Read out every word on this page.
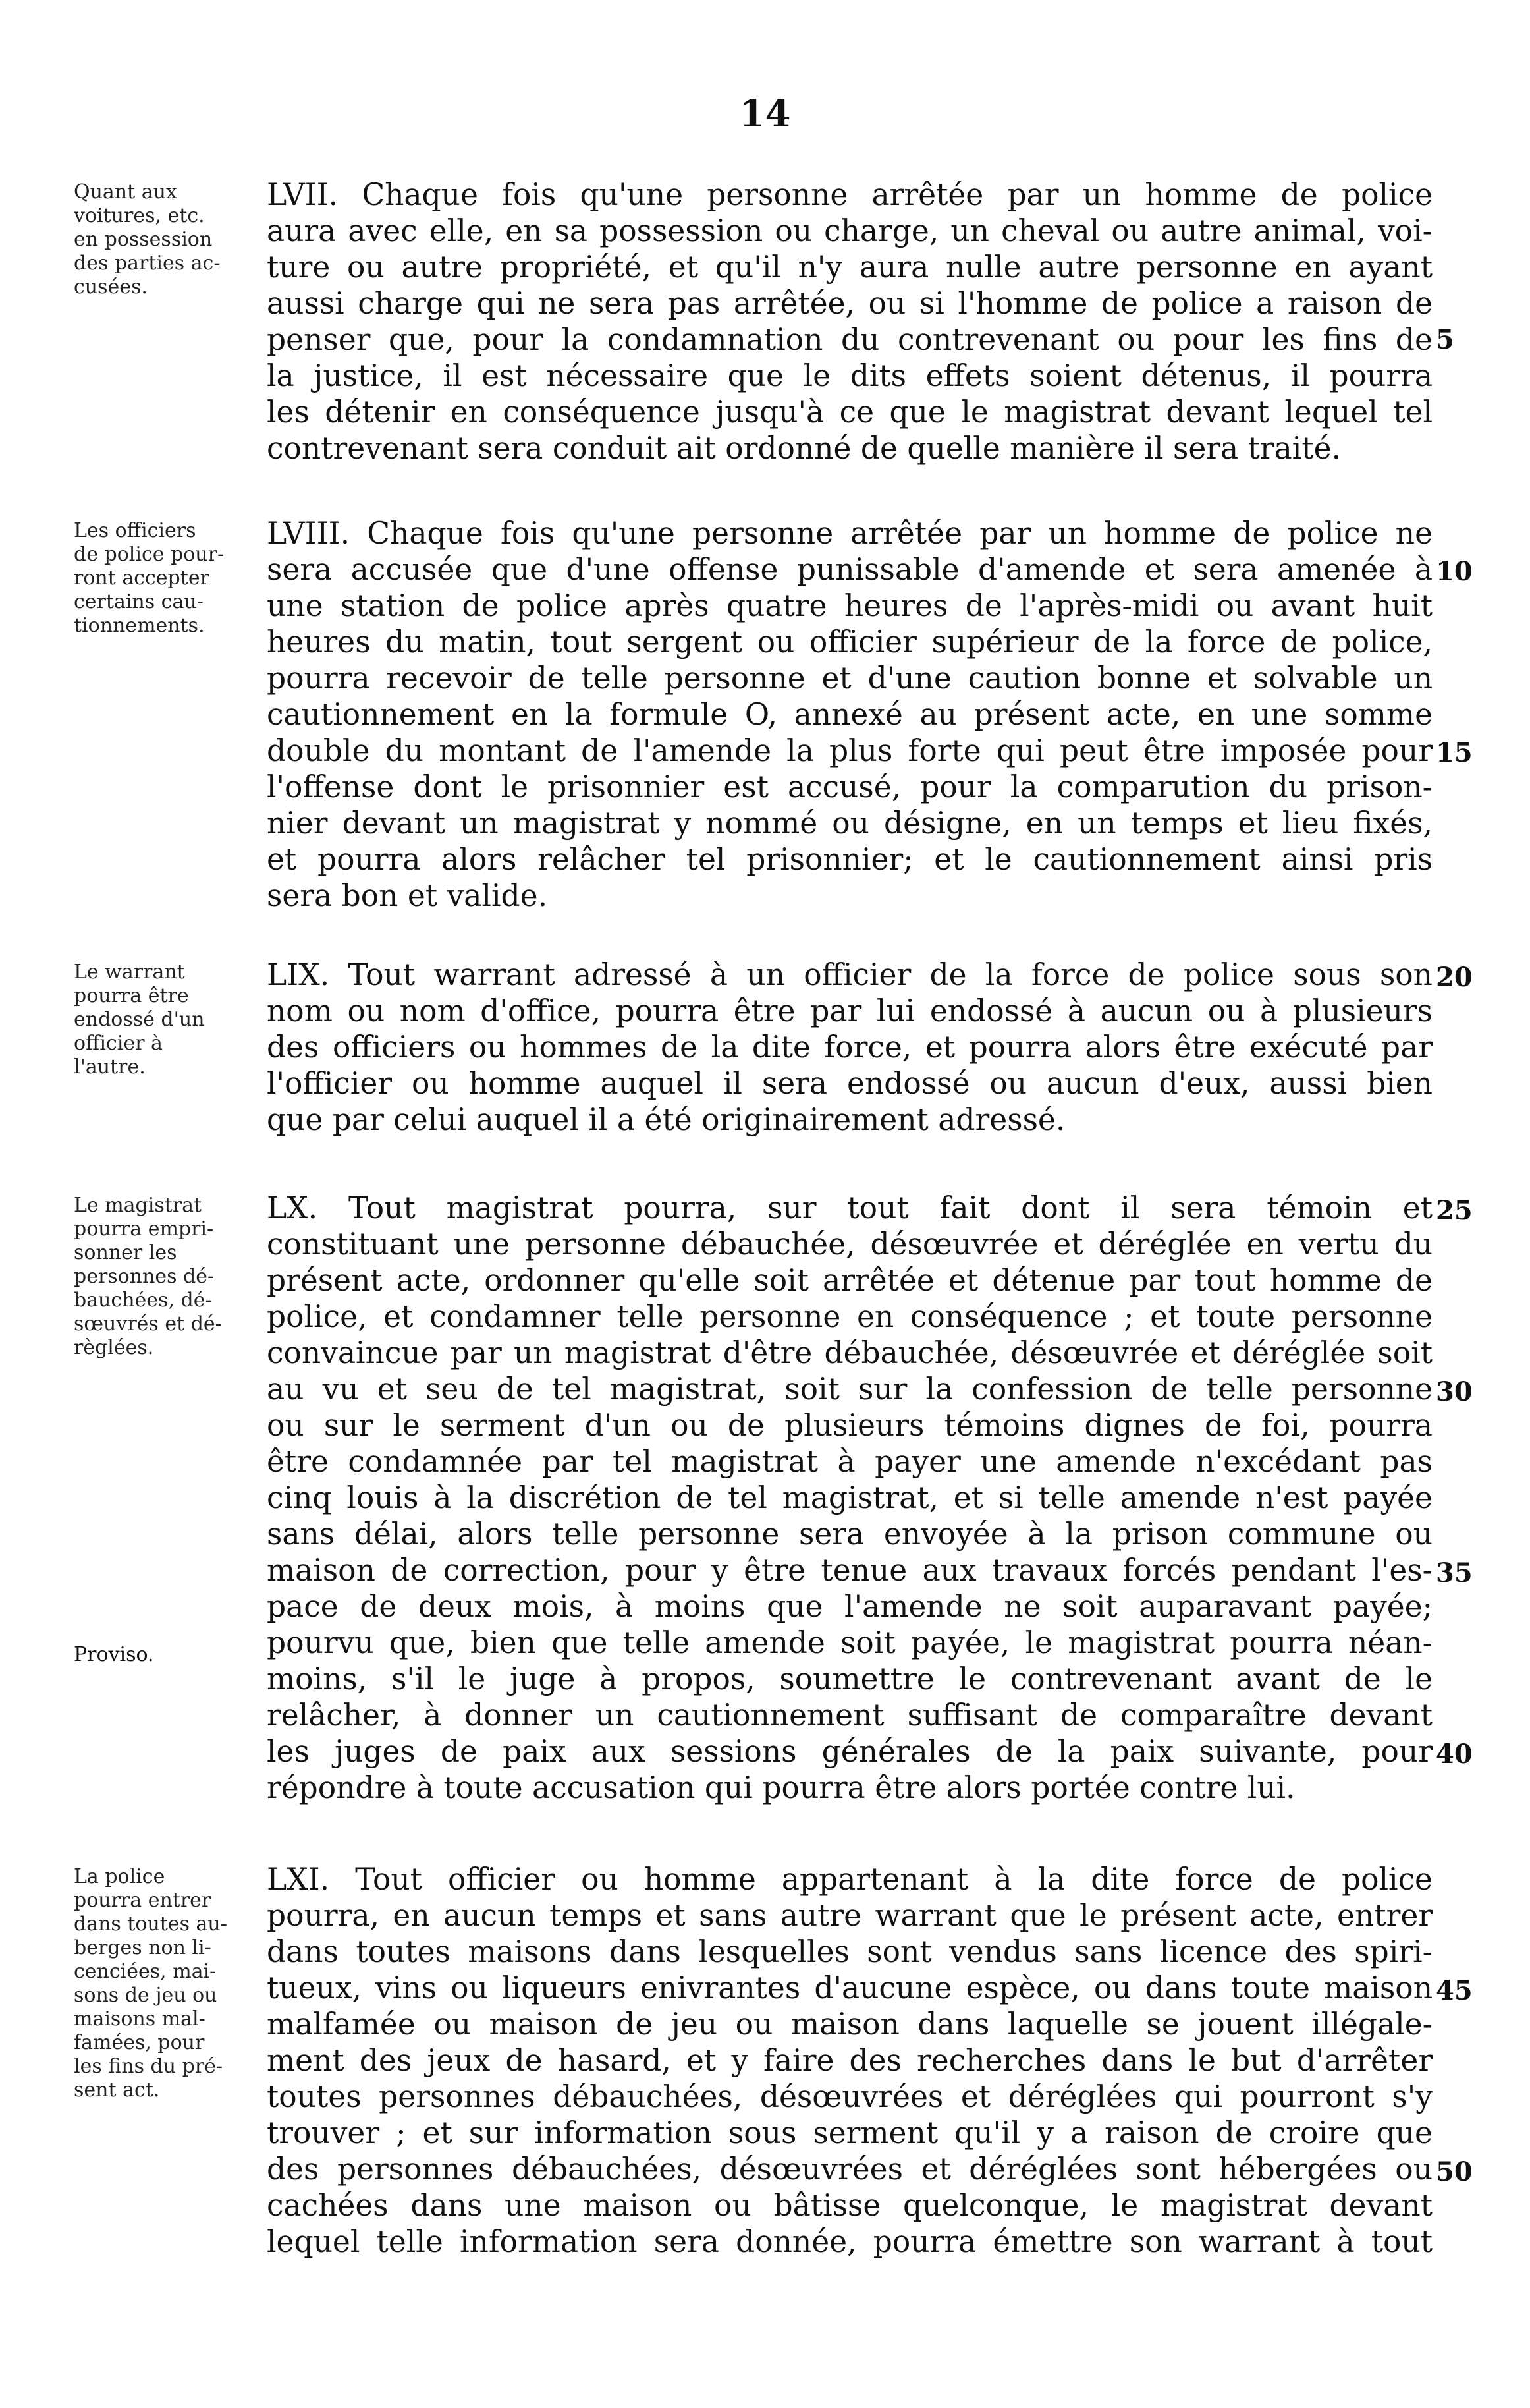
14
Quant aux
voitures, etc.
en possession
des parties ac-
cusées.
LVII. Chaque fois qu'une personne arrêtée par un homme de police
aura avec elle, en sa possession ou charge, un cheval ou autre animal, voi-
ture ou autre propriété, et qu'il n'y aura nulle autre personne en ayant
aussi charge qui ne sera pas arrêtée, ou si l'homme de police a raison de
penser que, pour la condamnation du contrevenant ou pour les fins de
la justice, il est nécessaire que le dits effets soient détenus, il pourra
les détenir en conséquence jusqu'à ce que le magistrat devant lequel tel
contrevenant sera conduit ait ordonné de quelle manière il sera traité.
5
Les officiers
de police pour-
ront accepter
certains cau-
tionnements.
LVIII. Chaque fois qu'une personne arrêtée par un homme de police ne
sera accusée que d'une offense punissable d'amende et sera amenée à
une station de police après quatre heures de l'après-midi ou avant huit
heures du matin, tout sergent ou officier supérieur de la force de police,
pourra recevoir de telle personne et d'une caution bonne et solvable un
cautionnement en la formule O, annexé au présent acte, en une somme
double du montant de l'amende la plus forte qui peut être imposée pour
l'offense dont le prisonnier est accusé, pour la comparution du prison-
nier devant un magistrat y nommé ou désigne, en un temps et lieu fixés,
et pourra alors relâcher tel prisonnier; et le cautionnement ainsi pris
sera bon et valide.
10
15
Le warrant
pourra être
endossé d'un
officier à
l'autre.
LIX. Tout warrant adressé à un officier de la force de police sous son
nom ou nom d'office, pourra être par lui endossé à aucun ou à plusieurs
des officiers ou hommes de la dite force, et pourra alors être exécuté par
l'officier ou homme auquel il sera endossé ou aucun d'eux, aussi bien
que par celui auquel il a été originairement adressé.
20
Le magistrat
pourra empri-
sonner les
personnes dé-
bauchées, dé-
sœuvrés et dé-
règlées.
Proviso.
LX. Tout magistrat pourra, sur tout fait dont il sera témoin et
constituant une personne débauchée, désœuvrée et déréglée en vertu du
présent acte, ordonner qu'elle soit arrêtée et détenue par tout homme de
police, et condamner telle personne en conséquence ; et toute personne
convaincue par un magistrat d'être débauchée, désœuvrée et déréglée soit
au vu et seu de tel magistrat, soit sur la confession de telle personne
ou sur le serment d'un ou de plusieurs témoins dignes de foi, pourra
être condamnée par tel magistrat à payer une amende n'excédant pas
cinq louis à la discrétion de tel magistrat, et si telle amende n'est payée
sans délai, alors telle personne sera envoyée à la prison commune ou
maison de correction, pour y être tenue aux travaux forcés pendant l'es-
pace de deux mois, à moins que l'amende ne soit auparavant payée;
pourvu que, bien que telle amende soit payée, le magistrat pourra néan-
moins, s'il le juge à propos, soumettre le contrevenant avant de le
relâcher, à donner un cautionnement suffisant de comparaître devant
les juges de paix aux sessions générales de la paix suivante, pour
répondre à toute accusation qui pourra être alors portée contre lui.
25
30
35
40
La police
pourra entrer
dans toutes au-
berges non li-
cenciées, mai-
sons de jeu ou
maisons mal-
famées, pour
les fins du pré-
sent act.
LXI. Tout officier ou homme appartenant à la dite force de police
pourra, en aucun temps et sans autre warrant que le présent acte, entrer
dans toutes maisons dans lesquelles sont vendus sans licence des spiri-
tueux, vins ou liqueurs enivrantes d'aucune espèce, ou dans toute maison
malfamée ou maison de jeu ou maison dans laquelle se jouent illégale-
ment des jeux de hasard, et y faire des recherches dans le but d'arrêter
toutes personnes débauchées, désœuvrées et déréglées qui pourront s'y
trouver ; et sur information sous serment qu'il y a raison de croire que
des personnes débauchées, désœuvrées et déréglées sont hébergées ou
cachées dans une maison ou bâtisse quelconque, le magistrat devant
lequel telle information sera donnée, pourra émettre son warrant à tout
45
50
